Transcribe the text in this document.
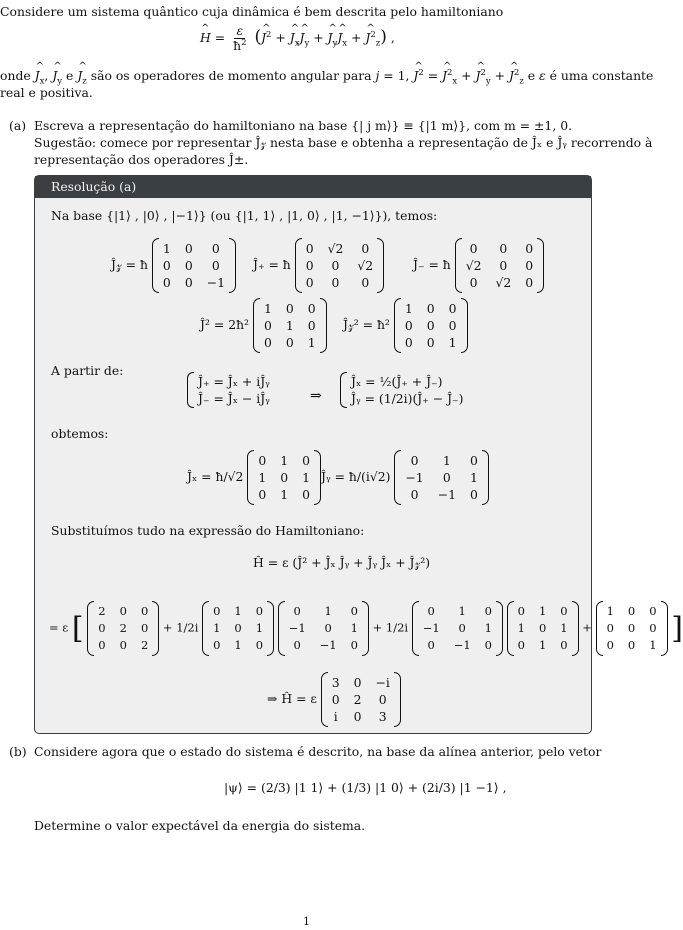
Considere um sistema quântico cuja dinâmica é bem descrita pelo hamiltoniano
^ $H = \frac{\varepsilon}{ħ^2}$ (^ $J^2$ + ^ $J_x\^{}$ $J_y$ + ^ $J_y\^{}$ $J_x$ + ^ $J^2_z$) ,
onde ^ $J_x$, ^ $J_y$ e ^ $J_z$ são os operadores de momento angular para j = 1, ^ $J^2$ = ^ $J^2_x$ + ^ $J^2_y$ + ^ $J^2_z$ e ε é uma constante
real e positiva.
(a) Escreva a representação do hamiltoniano na base {| j m⟩} ≡ {|1 m⟩}, com m = ±1, 0.
Sugestão: comece por representar Ĵ𝓏 nesta base e obtenha a representação de Ĵₓ e Ĵᵧ recorrendo à
representação dos operadores Ĵ±.
Resolução (a)
Na base {|1⟩ , |0⟩ , |−1⟩} (ou {|1, 1⟩ , |1, 0⟩ , |1, −1⟩}), temos:
Ĵ𝓏 = ħ
1 0	0
0 0	0
0 0 −1
Ĵ₊ = ħ
0 √2	0
0	0	√2
0	0	0
Ĵ₋ = ħ
0	0	0
√2	0	0
0	√2 0
Ĵ² = 2ħ²
1 0 0
0 1 0
0 0 1
Ĵ𝓏² = ħ²
1 0 0
0 0 0
0 0 1
A partir de:
Ĵ₊ = Ĵₓ + iĴᵧ
Ĵ₋ = Ĵₓ − iĴᵧ	⇒
Ĵₓ = ½(Ĵ₊ + Ĵ₋)
Ĵᵧ = (1/2i)(Ĵ₊ − Ĵ₋)
obtemos:
Ĵₓ = ħ/√2
0 1 0
1 0 1
0 1 0
Ĵᵧ = ħ/(i√2)
0	1	0
−1	0	1
0	−1 0
Substituímos tudo na expressão do Hamiltoniano:
Ĥ = ε (Ĵ² + Ĵₓ Ĵᵧ + Ĵᵧ Ĵₓ + Ĵ𝓏²)
= ε [ 2 0 0
0 2 0
0 0 2
+ 1/2i
0 1 0
1 0 1
0 1 0

0	1	0
−1	0	1
0	−1 0
+ 1/2i
0	1	0
−1	0	1
0	−1 0

0 1 0
1 0 1
0 1 0
+
1 0 0
0 0 0
0 0 1 ]
⇒ Ĥ = ε
3 0 −i
0 2 0
i 0 3
(b) Considere agora que o estado do sistema é descrito, na base da alínea anterior, pelo vetor
|ψ⟩ = (2/3) |1 1⟩ + (1/3) |1 0⟩ + (2i/3) |1 −1⟩ ,
Determine o valor expectável da energia do sistema.
1
